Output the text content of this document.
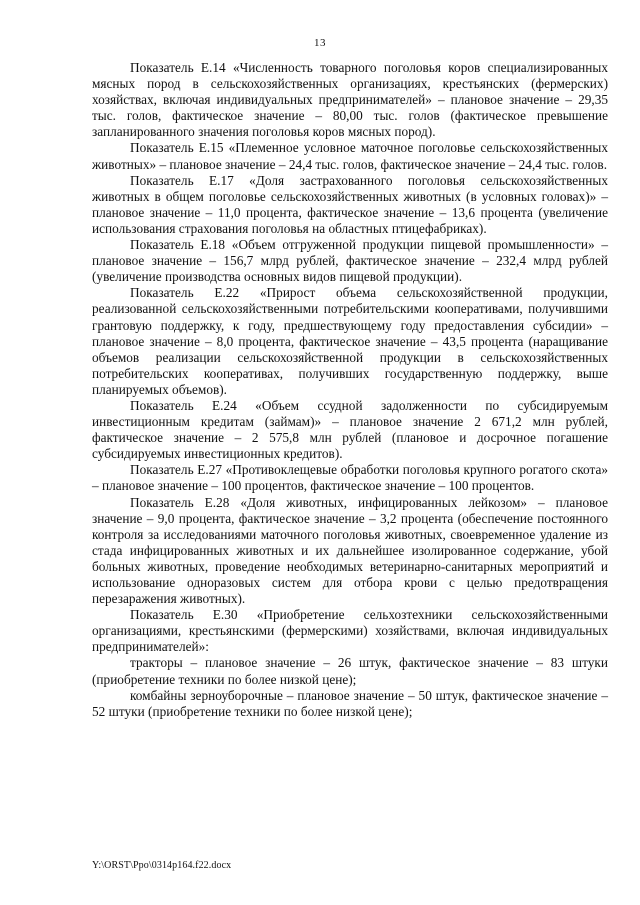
13

Показатель Е.14 «Численность товарного поголовья коров специализированных мясных пород в сельскохозяйственных организациях, крестьянских (фермерских) хозяйствах, включая индивидуальных предпринимателей» – плановое значение – 29,35 тыс. голов, фактическое значение – 80,00 тыс. голов (фактическое превышение запланированного значения поголовья коров мясных пород).

Показатель Е.15 «Племенное условное маточное поголовье сельскохозяйственных животных» – плановое значение – 24,4 тыс. голов, фактическое значение – 24,4 тыс. голов.

Показатель Е.17 «Доля застрахованного поголовья сельскохозяйственных животных в общем поголовье сельскохозяйственных животных (в условных головах)» – плановое значение – 11,0 процента, фактическое значение – 13,6 процента (увеличение использования страхования поголовья на областных птицефабриках).

Показатель Е.18 «Объем отгруженной продукции пищевой промышленности» – плановое значение – 156,7 млрд рублей, фактическое значение – 232,4 млрд рублей (увеличение производства основных видов пищевой продукции).

Показатель Е.22 «Прирост объема сельскохозяйственной продукции, реализованной сельскохозяйственными потребительскими кооперативами, получившими грантовую поддержку, к году, предшествующему году предоставления субсидии» – плановое значение – 8,0 процента, фактическое значение – 43,5 процента (наращивание объемов реализации сельскохозяйственной продукции в сельскохозяйственных потребительских кооперативах, получивших государственную поддержку, выше планируемых объемов).

Показатель Е.24 «Объем ссудной задолженности по субсидируемым инвестиционным кредитам (займам)» – плановое значение 2 671,2 млн рублей, фактическое значение – 2 575,8 млн рублей (плановое и досрочное погашение субсидируемых инвестиционных кредитов).

Показатель Е.27 «Противоклещевые обработки поголовья крупного рогатого скота» – плановое значение – 100 процентов, фактическое значение – 100 процентов.

Показатель Е.28 «Доля животных, инфицированных лейкозом» – плановое значение – 9,0 процента, фактическое значение – 3,2 процента (обеспечение постоянного контроля за исследованиями маточного поголовья животных, своевременное удаление из стада инфицированных животных и их дальнейшее изолированное содержание, убой больных животных, проведение необходимых ветеринарно-санитарных мероприятий и использование одноразовых систем для отбора крови с целью предотвращения перезаражения животных).

Показатель Е.30 «Приобретение сельхозтехники сельскохозяйственными организациями, крестьянскими (фермерскими) хозяйствами, включая индивидуальных предпринимателей»:

тракторы – плановое значение – 26 штук, фактическое значение – 83 штуки (приобретение техники по более низкой цене);

комбайны зерноуборочные – плановое значение – 50 штук, фактическое значение – 52 штуки (приобретение техники по более низкой цене);

Y:\ORST\Ppo\0314p164.f22.docx
